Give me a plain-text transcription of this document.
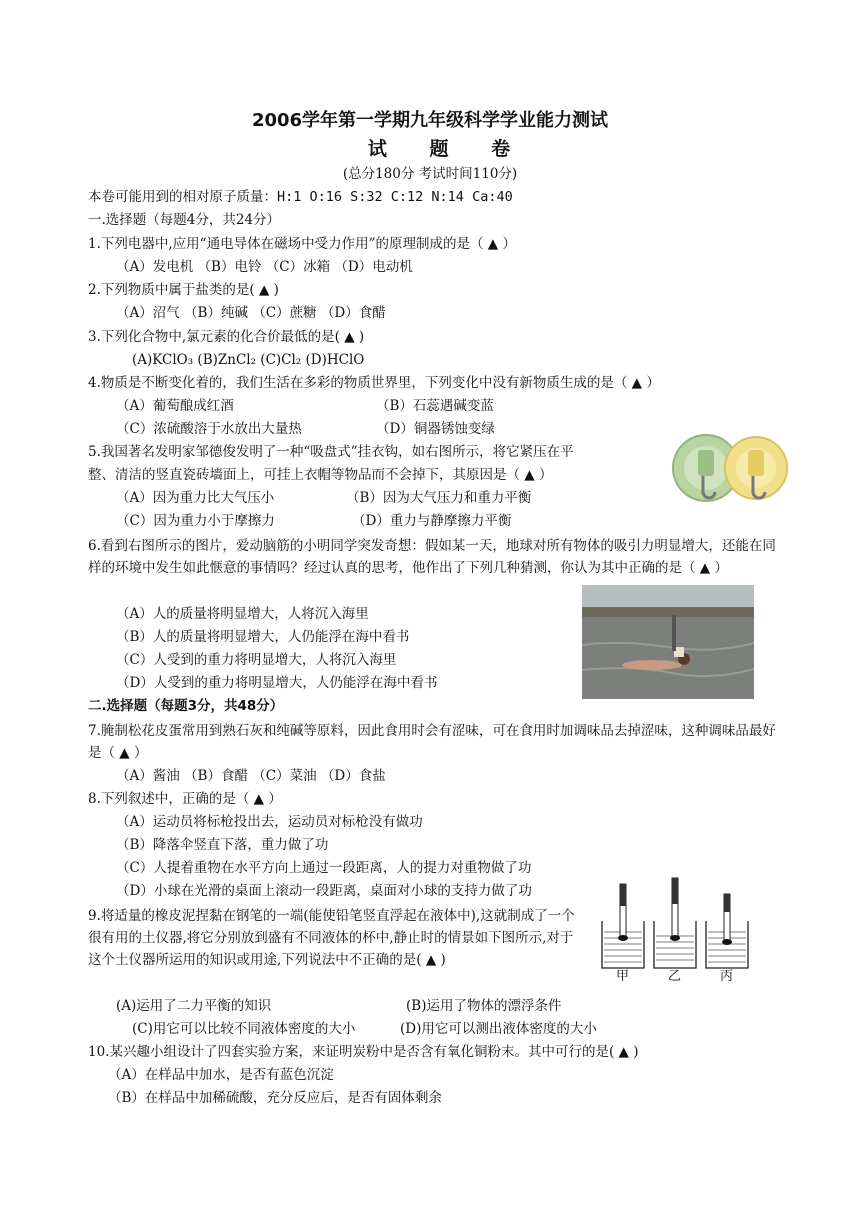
2006学年第一学期九年级科学学业能力测试
试 题 卷
(总分180分 考试时间110分)
本卷可能用到的相对原子质量：H:1 O:16 S:32 C:12 N:14 Ca:40
一.选择题（每题4分，共24分）
1.下列电器中,应用“通电导体在磁场中受力作用”的原理制成的是（ ▲ ）
（A）发电机 （B）电铃 （C）冰箱 （D）电动机
2.下列物质中属于盐类的是( ▲ )
（A）沼气 （B）纯碱 （C）蔗糖 （D）食醋
3.下列化合物中,氯元素的化合价最低的是( ▲ )
(A)KClO₃ (B)ZnCl₂ (C)Cl₂ (D)HClO
4.物质是不断变化着的，我们生活在多彩的物质世界里，下列变化中没有新物质生成的是（ ▲ ）
（A）葡萄酿成红酒	（B）石蕊遇碱变蓝
（C）浓硫酸溶于水放出大量热	（D）铜器锈蚀变绿
5.我国著名发明家邹德俊发明了一种“吸盘式”挂衣钩，如右图所示，将它紧压在平
整、清洁的竖直瓷砖墙面上，可挂上衣帽等物品而不会掉下，其原因是（ ▲ ）
（A）因为重力比大气压小	（B）因为大气压力和重力平衡
（C）因为重力小于摩擦力	（D）重力与静摩擦力平衡
6.看到右图所示的图片，爱动脑筋的小明同学突发奇想：假如某一天，地球对所有物体的吸引力明显增大，还能在同样的环境中发生如此惬意的事情吗？经过认真的思考，他作出了下列几种猜测，你认为其中正确的是（ ▲ ）
（A）人的质量将明显增大，人将沉入海里
（B）人的质量将明显增大，人仍能浮在海中看书
（C）人受到的重力将明显增大，人将沉入海里
（D）人受到的重力将明显增大，人仍能浮在海中看书
二.选择题（每题3分，共48分）
7.腌制松花皮蛋常用到熟石灰和纯碱等原料，因此食用时会有涩味，可在食用时加调味品去掉涩味，这种调味品最好是（ ▲ ）
（A）酱油 （B）食醋 （C）菜油 （D）食盐
8.下列叙述中，正确的是（ ▲ ）
（A）运动员将标枪投出去，运动员对标枪没有做功
（B）降落伞竖直下落，重力做了功
（C）人提着重物在水平方向上通过一段距离，人的提力对重物做了功
（D）小球在光滑的桌面上滚动一段距离，桌面对小球的支持力做了功
9.将适量的橡皮泥捏黏在钢笔的一端(能使铅笔竖直浮起在液体中),这就制成了一个很有用的土仪器,将它分别放到盛有不同液体的杯中,静止时的情景如下图所示,对于这个土仪器所运用的知识或用途,下列说法中不正确的是( ▲ )
(A)运用了二力平衡的知识	(B)运用了物体的漂浮条件
(C)用它可以比较不同液体密度的大小	(D)用它可以测出液体密度的大小
甲	乙	丙
10.某兴趣小组设计了四套实验方案，来证明炭粉中是否含有氧化铜粉末。其中可行的是( ▲ )
（A）在样品中加水，是否有蓝色沉淀
（B）在样品中加稀硫酸，充分反应后，是否有固体剩余
